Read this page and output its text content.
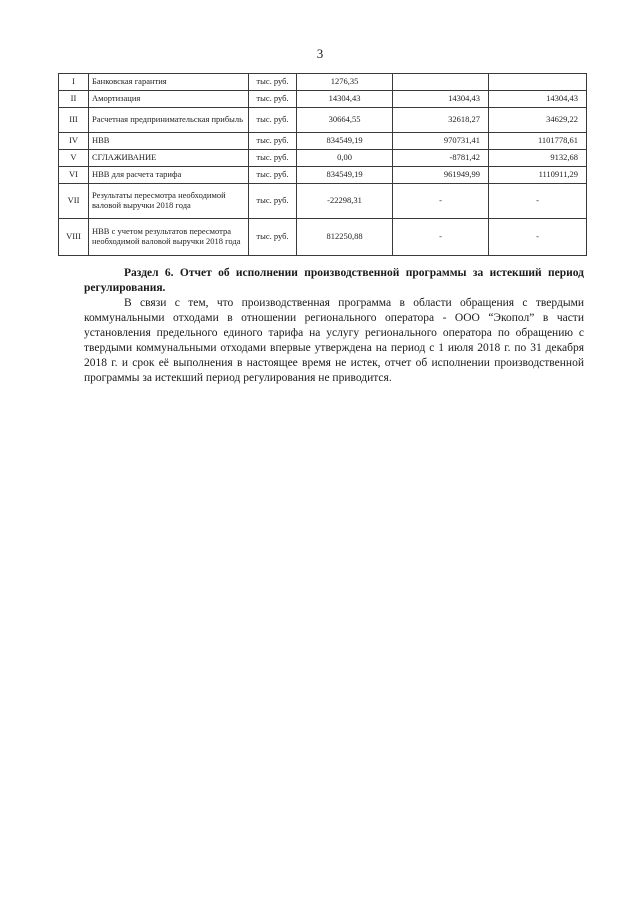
3
I	Банковская гарантия	тыс. руб.	1276,35		
II	Амортизация	тыс. руб.	14304,43	14304,43	14304,43
III	Расчетная предпринимательская прибыль	тыс. руб.	30664,55	32618,27	34629,22
IV	НВВ	тыс. руб.	834549,19	970731,41	1101778,61
V	СГЛАЖИВАНИЕ	тыс. руб.	0,00	-8781,42	9132,68
VI	НВВ для расчета тарифа	тыс. руб.	834549,19	961949,99	1110911,29
VII	Результаты пересмотра необходимой валовой выручки 2018 года	тыс. руб.	-22298,31	-	-
VIII	НВВ с учетом результатов пересмотра необходимой валовой выручки 2018 года	тыс. руб.	812250,88	-	-

Раздел 6. Отчет об исполнении производственной программы за истекший период регулирования.

В связи с тем, что производственная программа в области обращения с твердыми коммунальными отходами в отношении регионального оператора - ООО “Экопол” в части установления предельного единого тарифа на услугу регионального оператора по обращению с твердыми коммунальными отходами впервые утверждена на период с 1 июля 2018 г. по 31 декабря 2018 г. и срок её выполнения в настоящее время не истек, отчет об исполнении производственной программы за истекший период регулирования не приводится.
